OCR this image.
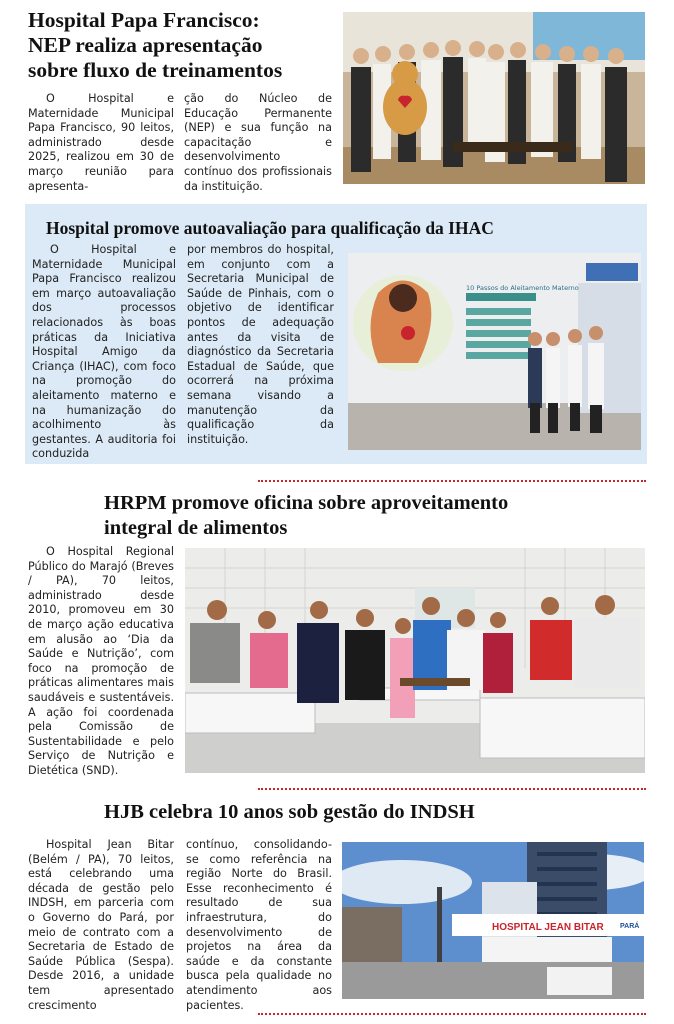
Hospital Papa Francisco:
NEP realiza apresentação
sobre fluxo de treinamentos

O Hospital e Maternidade Municipal Papa Francisco, 90 leitos, administrado desde 2025, realizou em 30 de março reunião para apresenta-

ção do Núcleo de Educação Permanente (NEP) e sua função na capacitação e desenvolvimento contínuo dos profissionais da instituição.

Hospital promove autoavaliação para qualificação da IHAC

O Hospital e Maternidade Municipal Papa Francisco realizou em março autoavaliação dos processos relacionados às boas práticas da Iniciativa Hospital Amigo da Criança (IHAC), com foco na promoção do aleitamento materno e na humanização do acolhimento às gestantes. A auditoria foi conduzida

por membros do hospital, em conjunto com a Secretaria Municipal de Saúde de Pinhais, com o objetivo de identificar pontos de adequação antes da visita de diagnóstico da Secretaria Estadual de Saúde, que ocorrerá na próxima semana visando a manutenção da qualificação da instituição.

10 Passos do Aleitamento Materno
HRPM promove oficina sobre aproveitamento
integral de alimentos

O Hospital Regional Público do Marajó (Breves / PA), 70 leitos, administrado desde 2010, promoveu em 30 de março ação educativa em alusão ao ‘Dia da Saúde e Nutrição’, com foco na promoção de práticas alimentares mais saudáveis e sustentáveis. A ação foi coordenada pela Comissão de Sustentabilidade e pelo Serviço de Nutrição e Dietética (SND).

HJB celebra 10 anos sob gestão do INDSH

Hospital Jean Bitar (Belém / PA), 70 leitos, está celebrando uma década de gestão pelo INDSH, em parceria com o Governo do Pará, por meio de contrato com a Secretaria de Estado de Saúde Pública (Sespa). Desde 2016, a unidade tem apresentado crescimento

contínuo, consolidando-se como referência na região Norte do Brasil. Esse reconhecimento é resultado de sua infraestrutura, do desenvolvimento de projetos na área da saúde e da constante busca pela qualidade no atendimento aos pacientes.

HOSPITAL JEAN BITAR PARÁ
